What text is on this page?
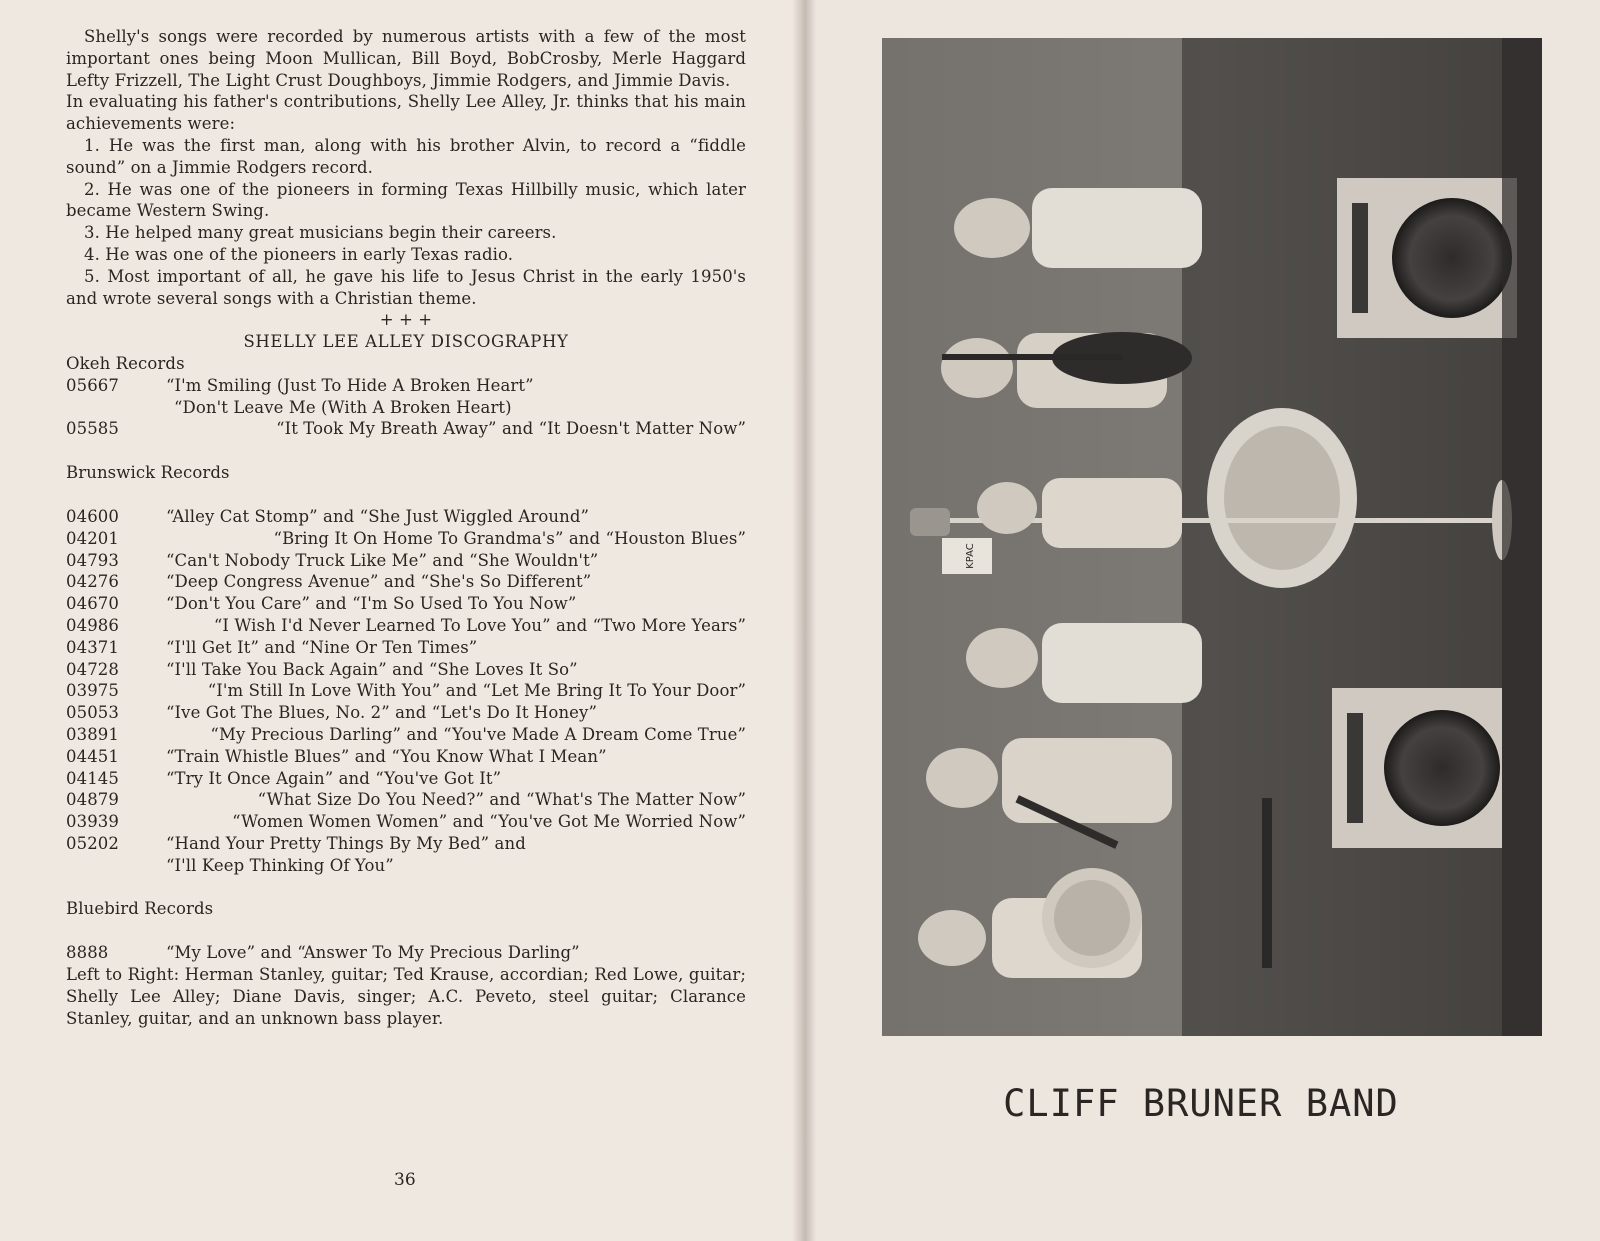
Shelly's songs were recorded by numerous artists with a few of the most important ones being Moon Mullican, Bill Boyd, BobCrosby, Merle Haggard Lefty Frizzell, The Light Crust Doughboys, Jimmie Rodgers, and Jimmie Davis.

In evaluating his father's contributions, Shelly Lee Alley, Jr. thinks that his main achievements were:

1. He was the first man, along with his brother Alvin, to record a “fiddle sound” on a Jimmie Rodgers record.

2. He was one of the pioneers in forming Texas Hillbilly music, which later became Western Swing.

3. He helped many great musicians begin their careers.

4. He was one of the pioneers in early Texas radio.

5. Most important of all, he gave his life to Jesus Christ in the early 1950's and wrote several songs with a Christian theme.

+ + +

SHELLY LEE ALLEY DISCOGRAPHY

Okeh Records

05667	“I'm Smiling (Just To Hide A Broken Heart”
“Don't Leave Me (With A Broken Heart)
05585	“It Took My Breath Away” and “It Doesn't Matter Now”

Brunswick Records

04600	“Alley Cat Stomp” and “She Just Wiggled Around”
04201	“Bring It On Home To Grandma's” and “Houston Blues”
04793	“Can't Nobody Truck Like Me” and “She Wouldn't”
04276	“Deep Congress Avenue” and “She's So Different”
04670	“Don't You Care” and “I'm So Used To You Now”
04986	“I Wish I'd Never Learned To Love You” and “Two More Years”
04371	“I'll Get It” and “Nine Or Ten Times”
04728	“I'll Take You Back Again” and “She Loves It So”
03975	“I'm Still In Love With You” and “Let Me Bring It To Your Door”
05053	“Ive Got The Blues, No. 2” and “Let's Do It Honey”
03891	“My Precious Darling” and “You've Made A Dream Come True”
04451	“Train Whistle Blues” and “You Know What I Mean”
04145	“Try It Once Again” and “You've Got It”
04879	“What Size Do You Need?” and “What's The Matter Now”
03939	“Women Women Women” and “You've Got Me Worried Now”
05202	“Hand Your Pretty Things By My Bed” and
“I'll Keep Thinking Of You”

Bluebird Records

8888	“My Love” and “Answer To My Precious Darling”

Left to Right: Herman Stanley, guitar; Ted Krause, accordian; Red Lowe, guitar; Shelly Lee Alley; Diane Davis, singer; A.C. Peveto, steel guitar; Clarance Stanley, guitar, and an unknown bass player.

36
KPAC
CLIFF BRUNER BAND
